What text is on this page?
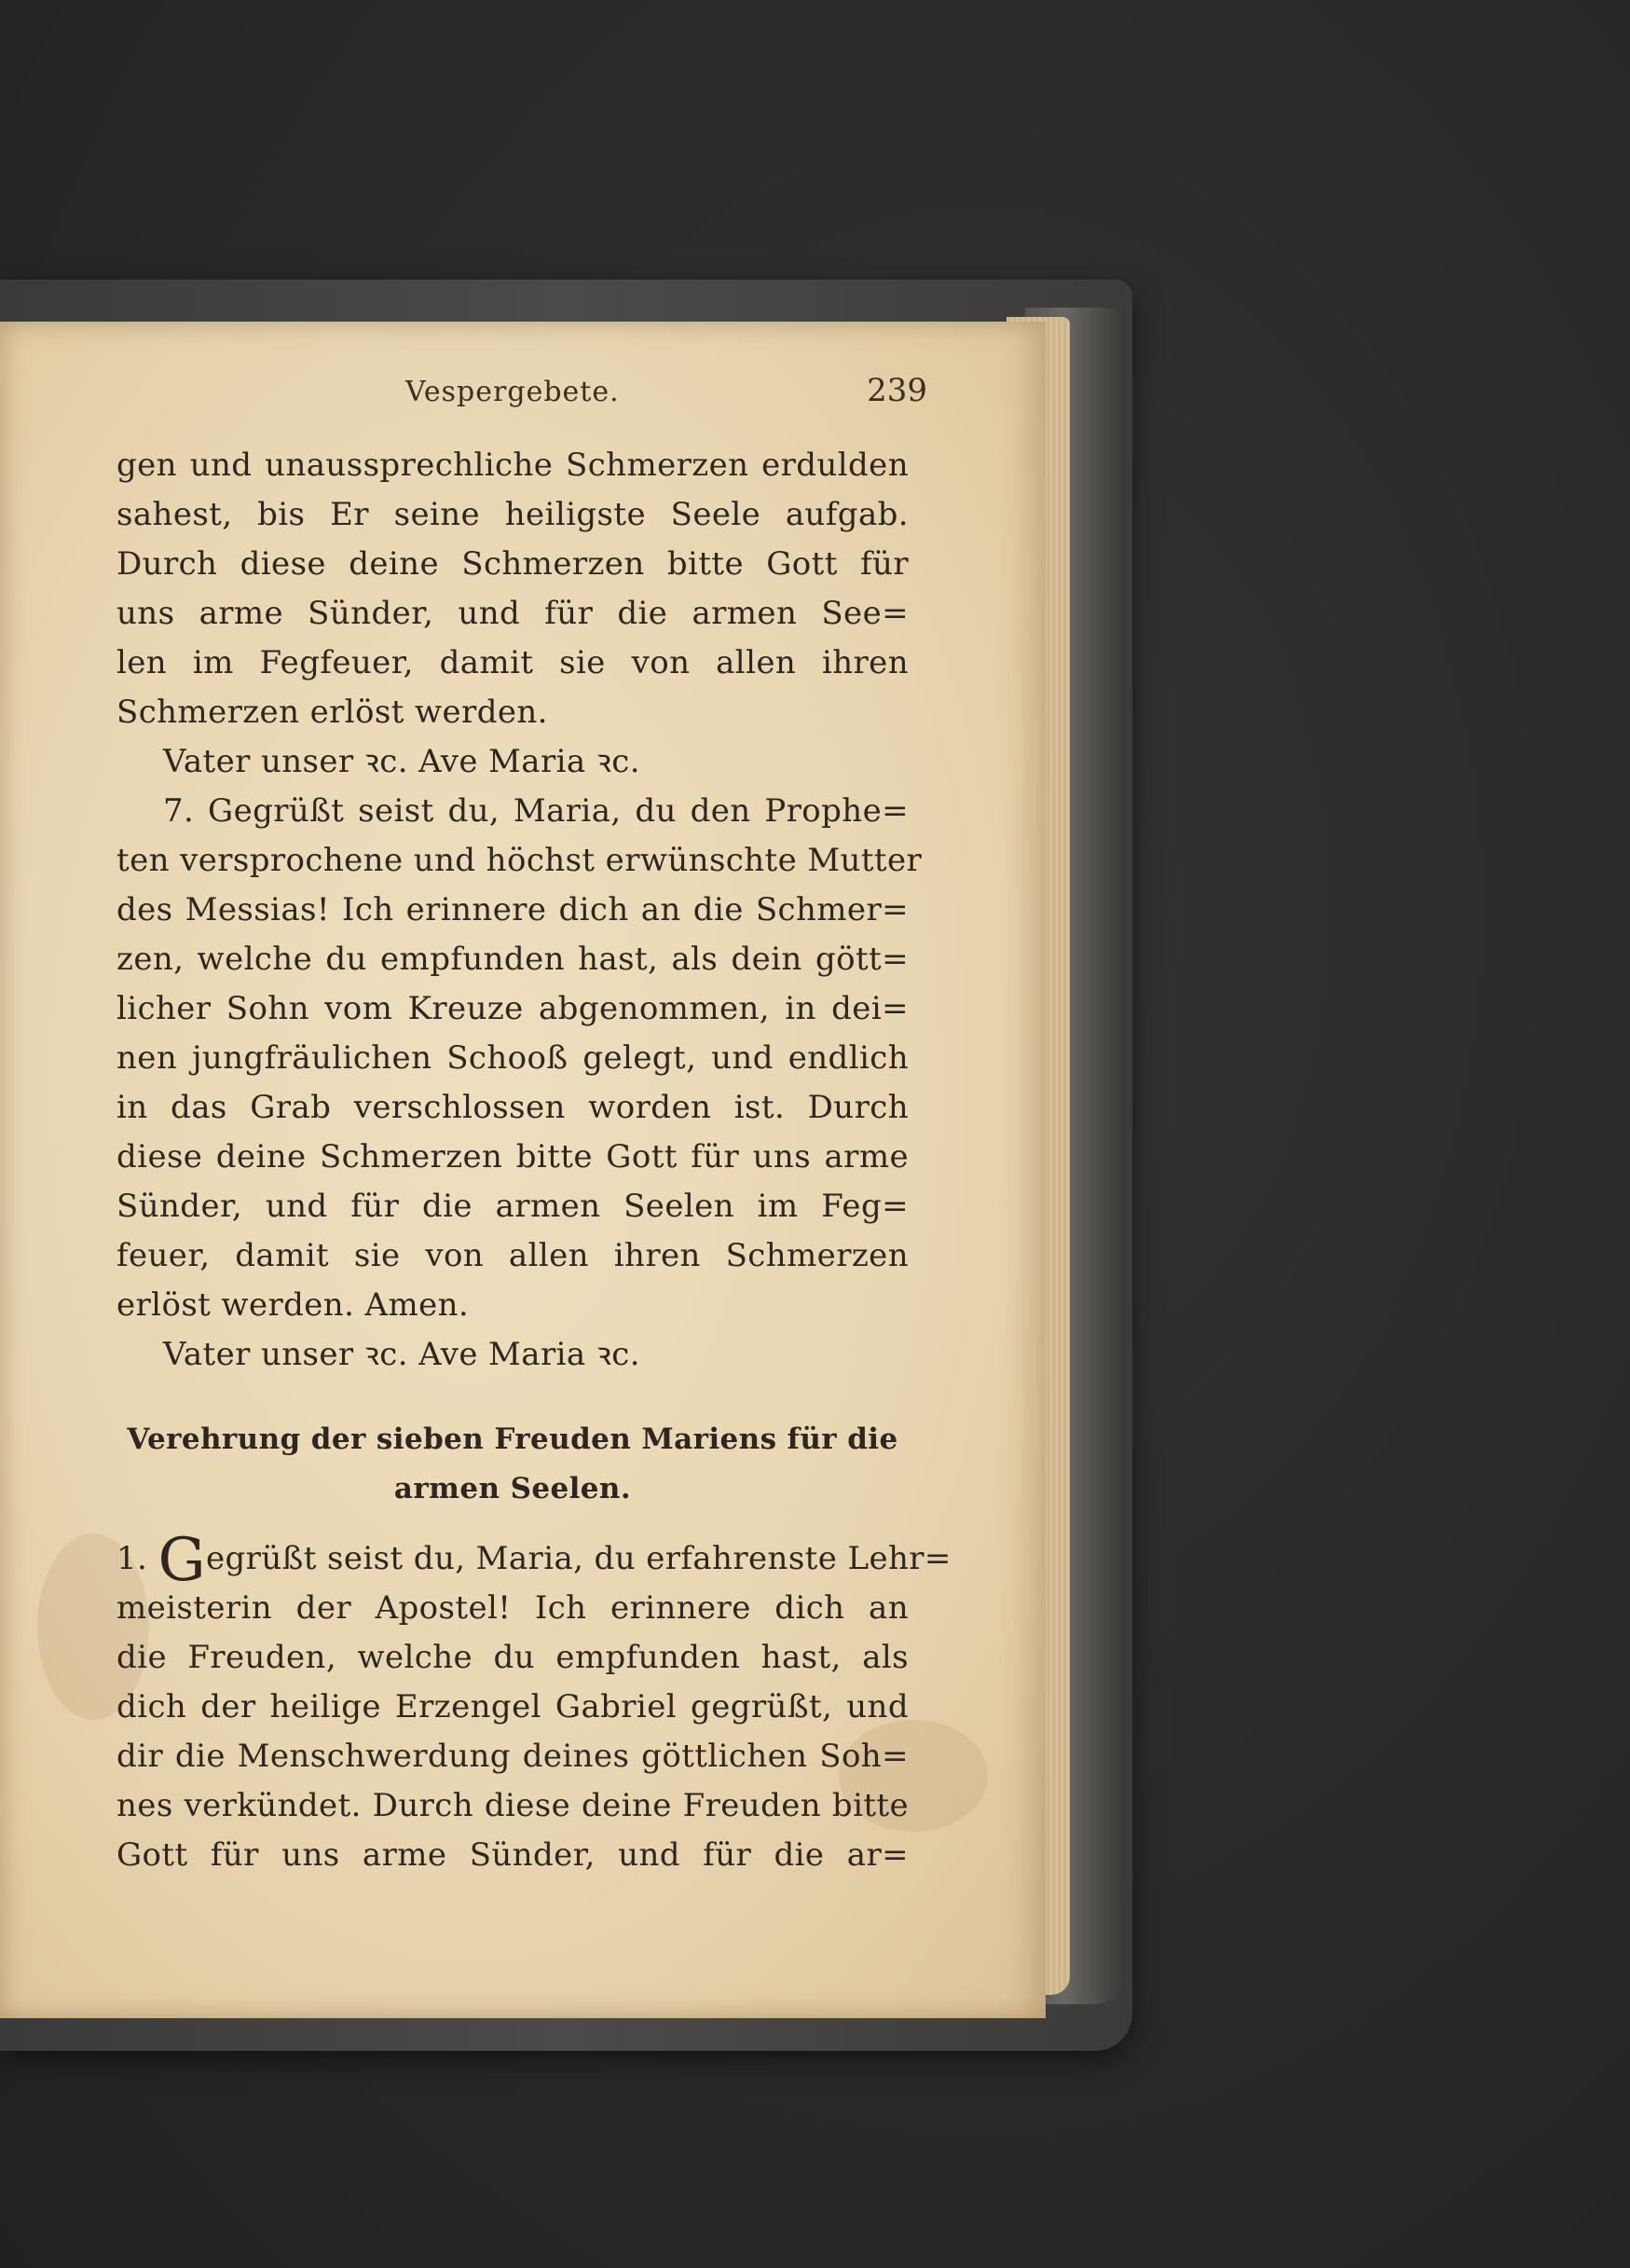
Vespergebete.	239
gen und unaussprechliche Schmerzen erdulden
sahest, bis Er seine heiligste Seele aufgab.
Durch diese deine Schmerzen bitte Gott für
uns arme Sünder, und für die armen See=
len im Fegfeuer, damit sie von allen ihren
Schmerzen erlöst werden.
Vater unser ꝛc. Ave Maria ꝛc.
7. Gegrüßt seist du, Maria, du den Prophe=
ten versprochene und höchst erwünschte Mutter
des Messias! Ich erinnere dich an die Schmer=
zen, welche du empfunden hast, als dein gött=
licher Sohn vom Kreuze abgenommen, in dei=
nen jungfräulichen Schooß gelegt, und endlich
in das Grab verschlossen worden ist. Durch
diese deine Schmerzen bitte Gott für uns arme
Sünder, und für die armen Seelen im Feg=
feuer, damit sie von allen ihren Schmerzen
erlöst werden. Amen.
Vater unser ꝛc. Ave Maria ꝛc.
Verehrung der sieben Freuden Mariens für die
armen Seelen.
1. Gegrüßt seist du, Maria, du erfahrenste Lehr=
meisterin der Apostel! Ich erinnere dich an
die Freuden, welche du empfunden hast, als
dich der heilige Erzengel Gabriel gegrüßt, und
dir die Menschwerdung deines göttlichen Soh=
nes verkündet. Durch diese deine Freuden bitte
Gott für uns arme Sünder, und für die ar=
